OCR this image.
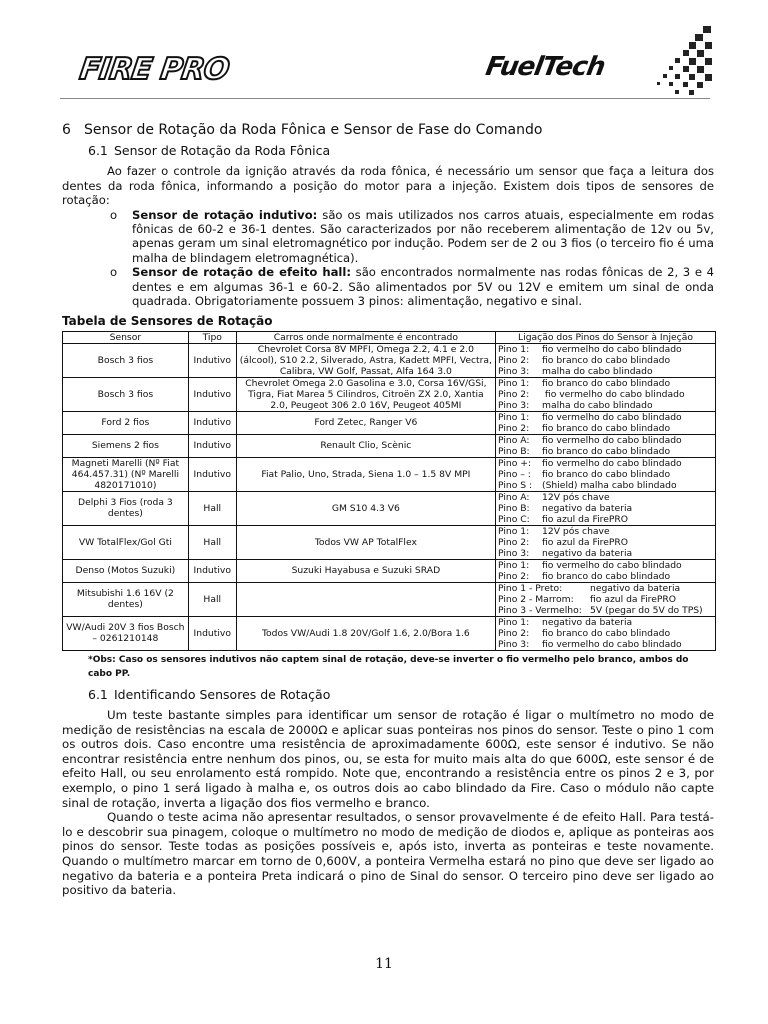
FIRE PRO	FuelTech
6 Sensor de Rotação da Roda Fônica e Sensor de Fase do Comando
6.1 Sensor de Rotação da Roda Fônica

Ao fazer o controle da ignição através da roda fônica, é necessário um sensor que faça a leitura dos dentes da roda fônica, informando a posição do motor para a injeção. Existem dois tipos de sensores de rotação:

o Sensor de rotação indutivo: são os mais utilizados nos carros atuais, especialmente em rodas fônicas de 60-2 e 36-1 dentes. São caracterizados por não receberem alimentação de 12v ou 5v, apenas geram um sinal eletromagnético por indução. Podem ser de 2 ou 3 fios (o terceiro fio é uma malha de blindagem eletromagnética).
o Sensor de rotação de efeito hall: são encontrados normalmente nas rodas fônicas de 2, 3 e 4 dentes e em algumas 36-1 e 60-2. São alimentados por 5V ou 12V e emitem um sinal de onda quadrada. Obrigatoriamente possuem 3 pinos: alimentação, negativo e sinal.
Tabela de Sensores de Rotação
Sensor	Tipo	Carros onde normalmente é encontrado	Ligação dos Pinos do Sensor à Injeção
Bosch 3 fios	Indutivo	Chevrolet Corsa 8V MPFI, Omega 2.2, 4.1 e 2.0 (álcool), S10 2.2, Silverado, Astra, Kadett MPFI, Vectra, Calibra, VW Golf, Passat, Alfa 164 3.0	Pino 1: fio vermelho do cabo blindado
Pino 2: fio branco do cabo blindado
Pino 3: malha do cabo blindado

Bosch 3 fios	Indutivo	Chevrolet Omega 2.0 Gasolina e 3.0, Corsa 16V/GSi, Tigra, Fiat Marea 5 Cilindros, Citroën ZX 2.0, Xantia 2.0, Peugeot 306 2.0 16V, Peugeot 405MI	Pino 1: fio branco do cabo blindado
Pino 2: fio vermelho do cabo blindado
Pino 3: malha do cabo blindado

Ford 2 fios	Indutivo	Ford Zetec, Ranger V6	Pino 1: fio vermelho do cabo blindado
Pino 2: fio branco do cabo blindado

Siemens 2 fios	Indutivo	Renault Clio, Scènic	Pino A: fio vermelho do cabo blindado
Pino B: fio branco do cabo blindado

Magneti Marelli (Nº Fiat 464.457.31) (Nº Marelli 4820171010)	Indutivo	Fiat Palio, Uno, Strada, Siena 1.0 – 1.5 8V MPI	Pino +: fio vermelho do cabo blindado
Pino – : fio branco do cabo blindado
Pino S : (Shield) malha cabo blindado

Delphi 3 Fios (roda 3 dentes)	Hall	GM S10 4.3 V6	Pino A: 12V pós chave
Pino B: negativo da bateria
Pino C: fio azul da FirePRO

VW TotalFlex/Gol Gti	Hall	Todos VW AP TotalFlex	Pino 1: 12V pós chave
Pino 2: fio azul da FirePRO
Pino 3: negativo da bateria

Denso (Motos Suzuki)	Indutivo	Suzuki Hayabusa e Suzuki SRAD	Pino 1: fio vermelho do cabo blindado
Pino 2: fio branco do cabo blindado

Mitsubishi 1.6 16V (2 dentes)	Hall		Pino 1 - Preto: negativo da bateria
Pino 2 - Marrom: fio azul da FirePRO
Pino 3 - Vermelho: 5V (pegar do 5V do TPS)

VW/Audi 20V 3 fios Bosch – 0261210148	Indutivo	Todos VW/Audi 1.8 20V/Golf 1.6, 2.0/Bora 1.6	Pino 1: negativo da bateria
Pino 2: fio branco do cabo blindado
Pino 3: fio vermelho do cabo blindado
*Obs: Caso os sensores indutivos não captem sinal de rotação, deve-se inverter o fio vermelho pelo branco, ambos do cabo PP.
6.1 Identificando Sensores de Rotação

Um teste bastante simples para identificar um sensor de rotação é ligar o multímetro no modo de medição de resistências na escala de 2000Ω e aplicar suas ponteiras nos pinos do sensor. Teste o pino 1 com os outros dois. Caso encontre uma resistência de aproximadamente 600Ω, este sensor é indutivo. Se não encontrar resistência entre nenhum dos pinos, ou, se esta for muito mais alta do que 600Ω, este sensor é de efeito Hall, ou seu enrolamento está rompido. Note que, encontrando a resistência entre os pinos 2 e 3, por exemplo, o pino 1 será ligado à malha e, os outros dois ao cabo blindado da Fire. Caso o módulo não capte sinal de rotação, inverta a ligação dos fios vermelho e branco.

Quando o teste acima não apresentar resultados, o sensor provavelmente é de efeito Hall. Para testá-lo e descobrir sua pinagem, coloque o multímetro no modo de medição de diodos e, aplique as ponteiras aos pinos do sensor. Teste todas as posições possíveis e, após isto, inverta as ponteiras e teste novamente. Quando o multímetro marcar em torno de 0,600V, a ponteira Vermelha estará no pino que deve ser ligado ao negativo da bateria e a ponteira Preta indicará o pino de Sinal do sensor. O terceiro pino deve ser ligado ao positivo da bateria.

11
